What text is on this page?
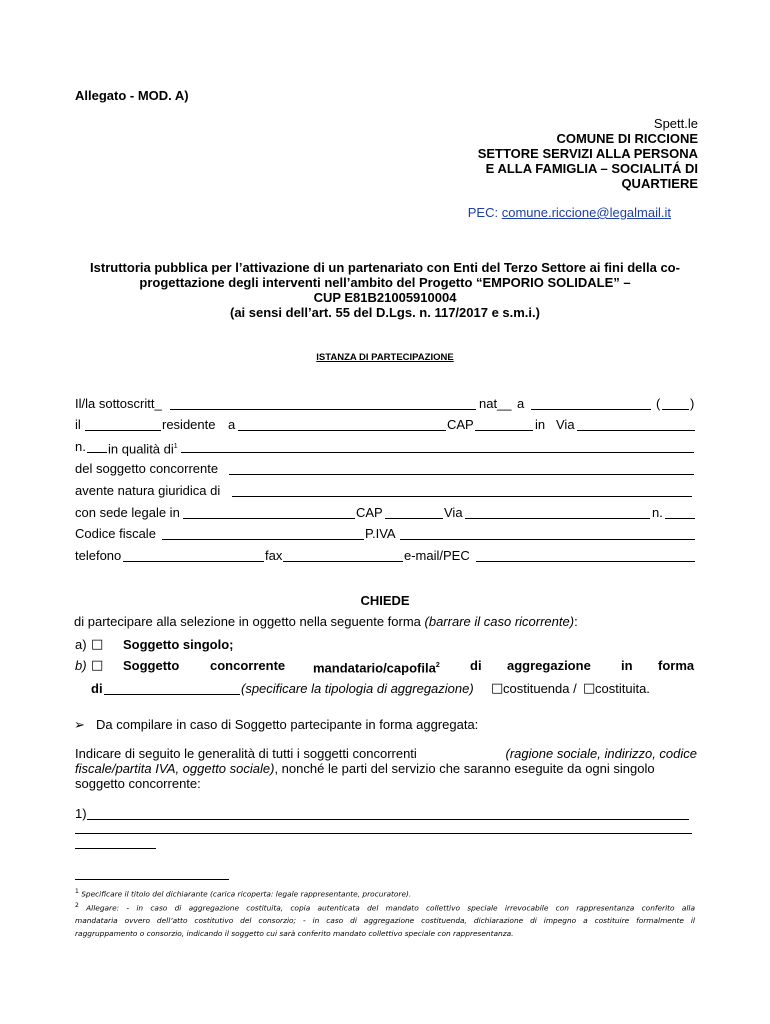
Allegato - MOD. A)
Spett.le
COMUNE DI RICCIONE
SETTORE SERVIZI ALLA PERSONA
E ALLA FAMIGLIA – SOCIALITÁ DI
QUARTIERE
PEC: comune.riccione@legalmail.it
Istruttoria pubblica per l’attivazione di un partenariato con Enti del Terzo Settore ai fini della co-
progettazione degli interventi nell’ambito del Progetto “EMPORIO SOLIDALE” –
CUP E81B21005910004
(ai sensi dell’art. 55 del D.Lgs. n. 117/2017 e s.m.i.)
ISTANZA DI PARTECIPAZIONE
Il/la sottoscritt_	nat__ a	( )
il	residente a	CAP	in Via
n. in qualità $di^1$
del soggetto concorrente
avente natura giuridica di
con sede legale in	CAP	Via	n.
Codice fiscale	P.IVA
telefono	fax	e-mail/PEC
CHIEDE
di partecipare alla selezione in oggetto nella seguente forma (barrare il caso ricorrente):
a) □ Soggetto singolo;
b) □ Soggetto concorrente mandatario/capofila$^2$ di aggregazione in forma
di	(specificare la tipologia di aggregazione) □ costituenda / □ costituita.
➢ Da compilare in caso di Soggetto partecipante in forma aggregata:
Indicare di seguito le generalità di tutti i soggetti concorrenti	(ragione sociale, indirizzo, codice
fiscale/partita IVA, oggetto sociale), nonché le parti del servizio che saranno eseguite da ogni singolo
soggetto concorrente:
1)
$^1$ Specificare il titolo del dichiarante (carica ricoperta: legale rappresentante, procuratore).
$^2$ Allegare: - in caso di aggregazione costituita, copia autenticata del mandato collettivo speciale irrevocabile con rappresentanza conferito alla
mandataria ovvero dell’atto costitutivo del consorzio; - in caso di aggregazione costituenda, dichiarazione di impegno a costituire formalmente il
raggruppamento o consorzio, indicando il soggetto cui sarà conferito mandato collettivo speciale con rappresentanza.
